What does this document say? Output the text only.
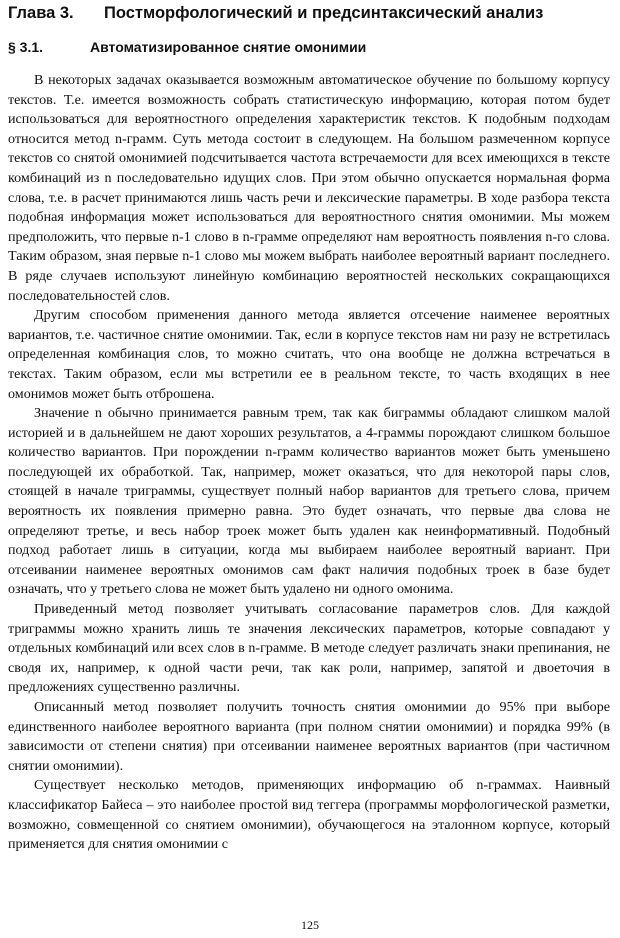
Глава 3. Постморфологический и предсинтаксический анализ
§ 3.1.	Автоматизированное снятие омонимии

В некоторых задачах оказывается возможным автоматическое обучение по большому корпусу текстов. Т.е. имеется возможность собрать статистическую информацию, которая потом будет использоваться для вероятностного определения характеристик текстов. К подобным подходам относится метод n-грамм. Суть метода состоит в следующем. На большом размеченном корпусе текстов со снятой омонимией подсчитывается частота встречаемости для всех имеющихся в тексте комбинаций из n последовательно идущих слов. При этом обычно опускается нормальная форма слова, т.е. в расчет принимаются лишь часть речи и лексические параметры. В ходе разбора текста подобная информация может использоваться для вероятностного снятия омонимии. Мы можем предположить, что первые n-1 слово в n-грамме определяют нам вероятность появления n-го слова. Таким образом, зная первые n-1 слово мы можем выбрать наиболее вероятный вариант последнего. В ряде случаев используют линейную комбинацию вероятностей нескольких сокращающихся последовательностей слов.

Другим способом применения данного метода является отсечение наименее вероятных вариантов, т.е. частичное снятие омонимии. Так, если в корпусе текстов нам ни разу не встретилась определенная комбинация слов, то можно считать, что она вообще не должна встречаться в текстах. Таким образом, если мы встретили ее в реальном тексте, то часть входящих в нее омонимов может быть отброшена.

Значение n обычно принимается равным трем, так как биграммы обладают слишком малой историей и в дальнейшем не дают хороших результатов, а 4-граммы порождают слишком большое количество вариантов. При порождении n-грамм количество вариантов может быть уменьшено последующей их обработкой. Так, например, может оказаться, что для некоторой пары слов, стоящей в начале триграммы, существует полный набор вариантов для третьего слова, причем вероятность их появления примерно равна. Это будет означать, что первые два слова не определяют третье, и весь набор троек может быть удален как неинформативный. Подобный подход работает лишь в ситуации, когда мы выбираем наиболее вероятный вариант. При отсеивании наименее вероятных омонимов сам факт наличия подобных троек в базе будет означать, что у третьего слова не может быть удалено ни одного омонима.

Приведенный метод позволяет учитывать согласование параметров слов. Для каждой триграммы можно хранить лишь те значения лексических параметров, которые совпадают у отдельных комбинаций или всех слов в n-грамме. В методе следует различать знаки препинания, не сводя их, например, к одной части речи, так как роли, например, запятой и двоеточия в предложениях существенно различны.

Описанный метод позволяет получить точность снятия омонимии до 95% при выборе единственного наиболее вероятного варианта (при полном снятии омонимии) и порядка 99% (в зависимости от степени снятия) при отсеивании наименее вероятных вариантов (при частичном снятии омонимии).

Существует несколько методов, применяющих информацию об n-граммах. Наивный классификатор Байеса – это наиболее простой вид теггера (программы морфологической разметки, возможно, совмещенной со снятием омонимии), обучающегося на эталонном корпусе, который применяется для снятия омонимии с

125
